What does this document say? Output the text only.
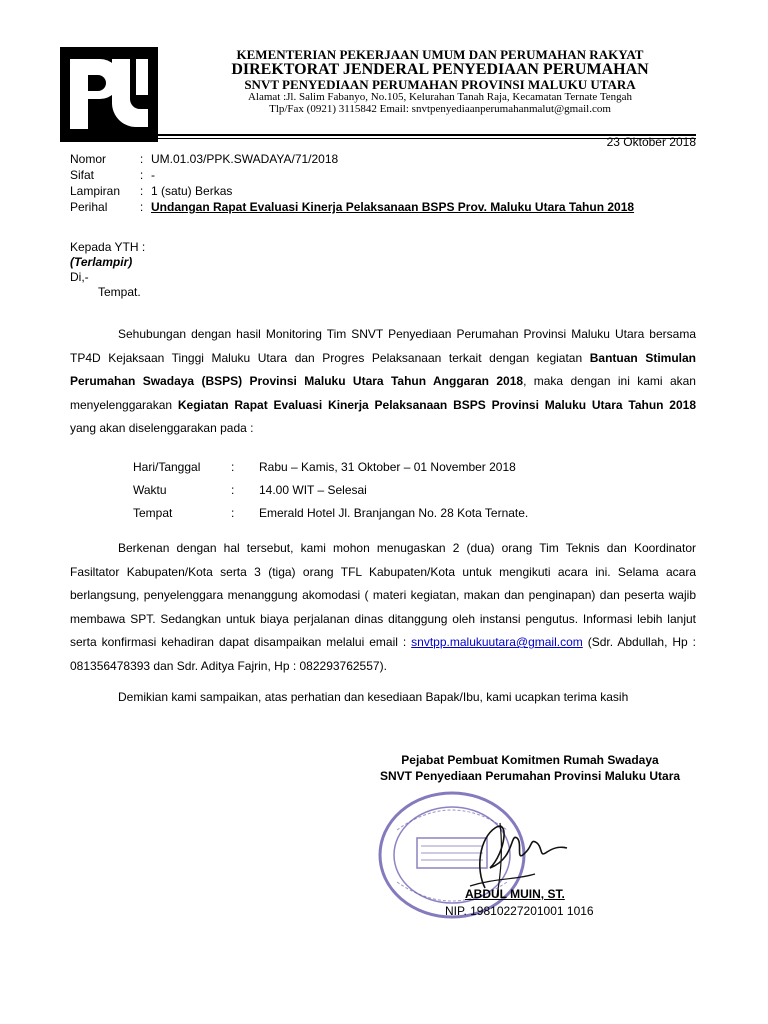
KEMENTERIAN PEKERJAAN UMUM DAN PERUMAHAN RAKYAT
DIREKTORAT JENDERAL PENYEDIAAN PERUMAHAN
SNVT PENYEDIAAN PERUMAHAN PROVINSI MALUKU UTARA
Alamat :Jl. Salim Fabanyo, No.105, Kelurahan Tanah Raja, Kecamatan Ternate Tengah
Tlp/Fax (0921) 3115842 Email: snvtpenyediaanperumahanmalut@gmail.com
23 Oktober 2018
Nomor	: UM.01.03/PPK.SWADAYA/71/2018
Sifat	: -
Lampiran	: 1 (satu) Berkas
Perihal	: Undangan Rapat Evaluasi Kinerja Pelaksanaan BSPS Prov. Maluku Utara Tahun 2018
Kepada YTH :
(Terlampir)
Di,-
Tempat.
Sehubungan dengan hasil Monitoring Tim SNVT Penyediaan Perumahan Provinsi Maluku Utara bersama TP4D Kejaksaan Tinggi Maluku Utara dan Progres Pelaksanaan terkait dengan kegiatan Bantuan Stimulan Perumahan Swadaya (BSPS) Provinsi Maluku Utara Tahun Anggaran 2018, maka dengan ini kami akan menyelenggarakan Kegiatan Rapat Evaluasi Kinerja Pelaksanaan BSPS Provinsi Maluku Utara Tahun 2018 yang akan diselenggarakan pada :
Hari/Tanggal	:	Rabu – Kamis, 31 Oktober – 01 November 2018
Waktu	:	14.00 WIT – Selesai
Tempat	:	Emerald Hotel Jl. Branjangan No. 28 Kota Ternate.
Berkenan dengan hal tersebut, kami mohon menugaskan 2 (dua) orang Tim Teknis dan Koordinator Fasiltator Kabupaten/Kota serta 3 (tiga) orang TFL Kabupaten/Kota untuk mengikuti acara ini. Selama acara berlangsung, penyelenggara menanggung akomodasi ( materi kegiatan, makan dan penginapan) dan peserta wajib membawa SPT. Sedangkan untuk biaya perjalanan dinas ditanggung oleh instansi pengutus. Informasi lebih lanjut serta konfirmasi kehadiran dapat disampaikan melalui email : snvtpp.malukuutara@gmail.com (Sdr. Abdullah, Hp : 081356478393 dan Sdr. Aditya Fajrin, Hp : 082293762557).
Demikian kami sampaikan, atas perhatian dan kesediaan Bapak/Ibu, kami ucapkan terima kasih
Pejabat Pembuat Komitmen Rumah Swadaya
SNVT Penyediaan Perumahan Provinsi Maluku Utara
ABDUL MUIN, ST.
NIP. 19810227201001 1016
